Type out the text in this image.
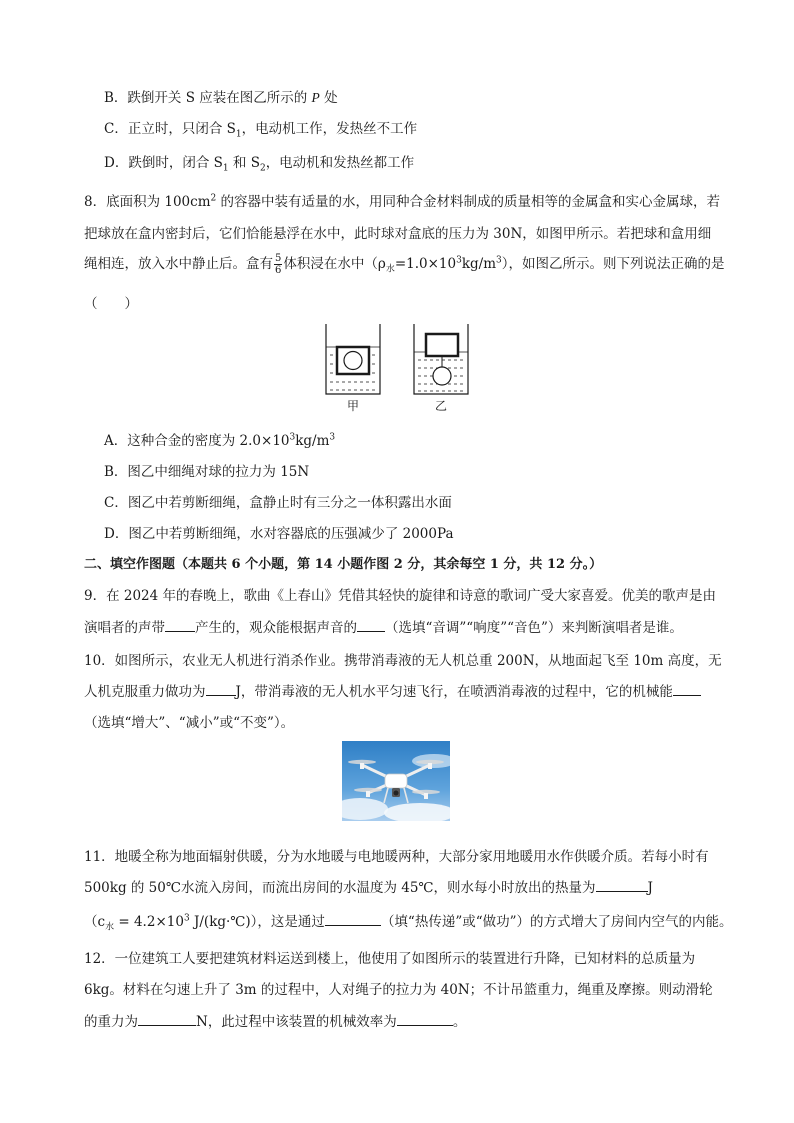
B．跌倒开关 S 应装在图乙所示的 P 处
C．正立时，只闭合 $S_1$，电动机工作，发热丝不工作
D．跌倒时，闭合 $S_1$ 和 $S_2$，电动机和发热丝都工作
8．底面积为 $100cm^2$ 的容器中装有适量的水，用同种合金材料制成的质量相等的金属盒和实心金属球，若
把球放在盒内密封后，它们恰能悬浮在水中，此时球对盒底的压力为 30N，如图甲所示。若把球和盒用细
绳相连，放入水中静止后。盒有 $\frac{5}{6}$ 体积浸在水中$(\rho_水=1.0\times 10^3kg/m^3)$，如图乙所示。则下列说法正确的是
（　　）
甲	乙
A．这种合金的密度为 $2.0\times 10^3kg/m^3$
B．图乙中细绳对球的拉力为 15N
C．图乙中若剪断细绳，盒静止时有三分之一体积露出水面
D．图乙中若剪断细绳，水对容器底的压强减少了 2000Pa
二、填空作图题（本题共 6 个小题，第 14 小题作图 2 分，其余每空 1 分，共 12 分。）
9．在 2024 年的春晚上，歌曲《上春山》凭借其轻快的旋律和诗意的歌词广受大家喜爱。优美的歌声是由
演唱者的声带 产生的，观众能根据声音的 （选填“音调”“响度”“音色”）来判断演唱者是谁。
10．如图所示，农业无人机进行消杀作业。携带消毒液的无人机总重 200N，从地面起飞至 10m 高度，无
人机克服重力做功为 J，带消毒液的无人机水平匀速飞行，在喷洒消毒液的过程中，它的机械能
（选填“增大”、“减小”或“不变”）。
11．地暖全称为地面辐射供暖，分为水地暖与电地暖两种，大部分家用地暖用水作供暖介质。若每小时有
500kg 的 50℃水流入房间，而流出房间的水温度为 45℃，则水每小时放出的热量为	J
（$c_水 = 4.2\times 10^3$ J/(kg·℃)），这是通过	（填“热传递”或“做功”）的方式增大了房间内空气的内能。
12．一位建筑工人要把建筑材料运送到楼上，他使用了如图所示的装置进行升降，已知材料的总质量为
6kg。材料在匀速上升了 3m 的过程中，人对绳子的拉力为 40N；不计吊篮重力，绳重及摩擦。则动滑轮
的重力为	N，此过程中该装置的机械效率为	。
